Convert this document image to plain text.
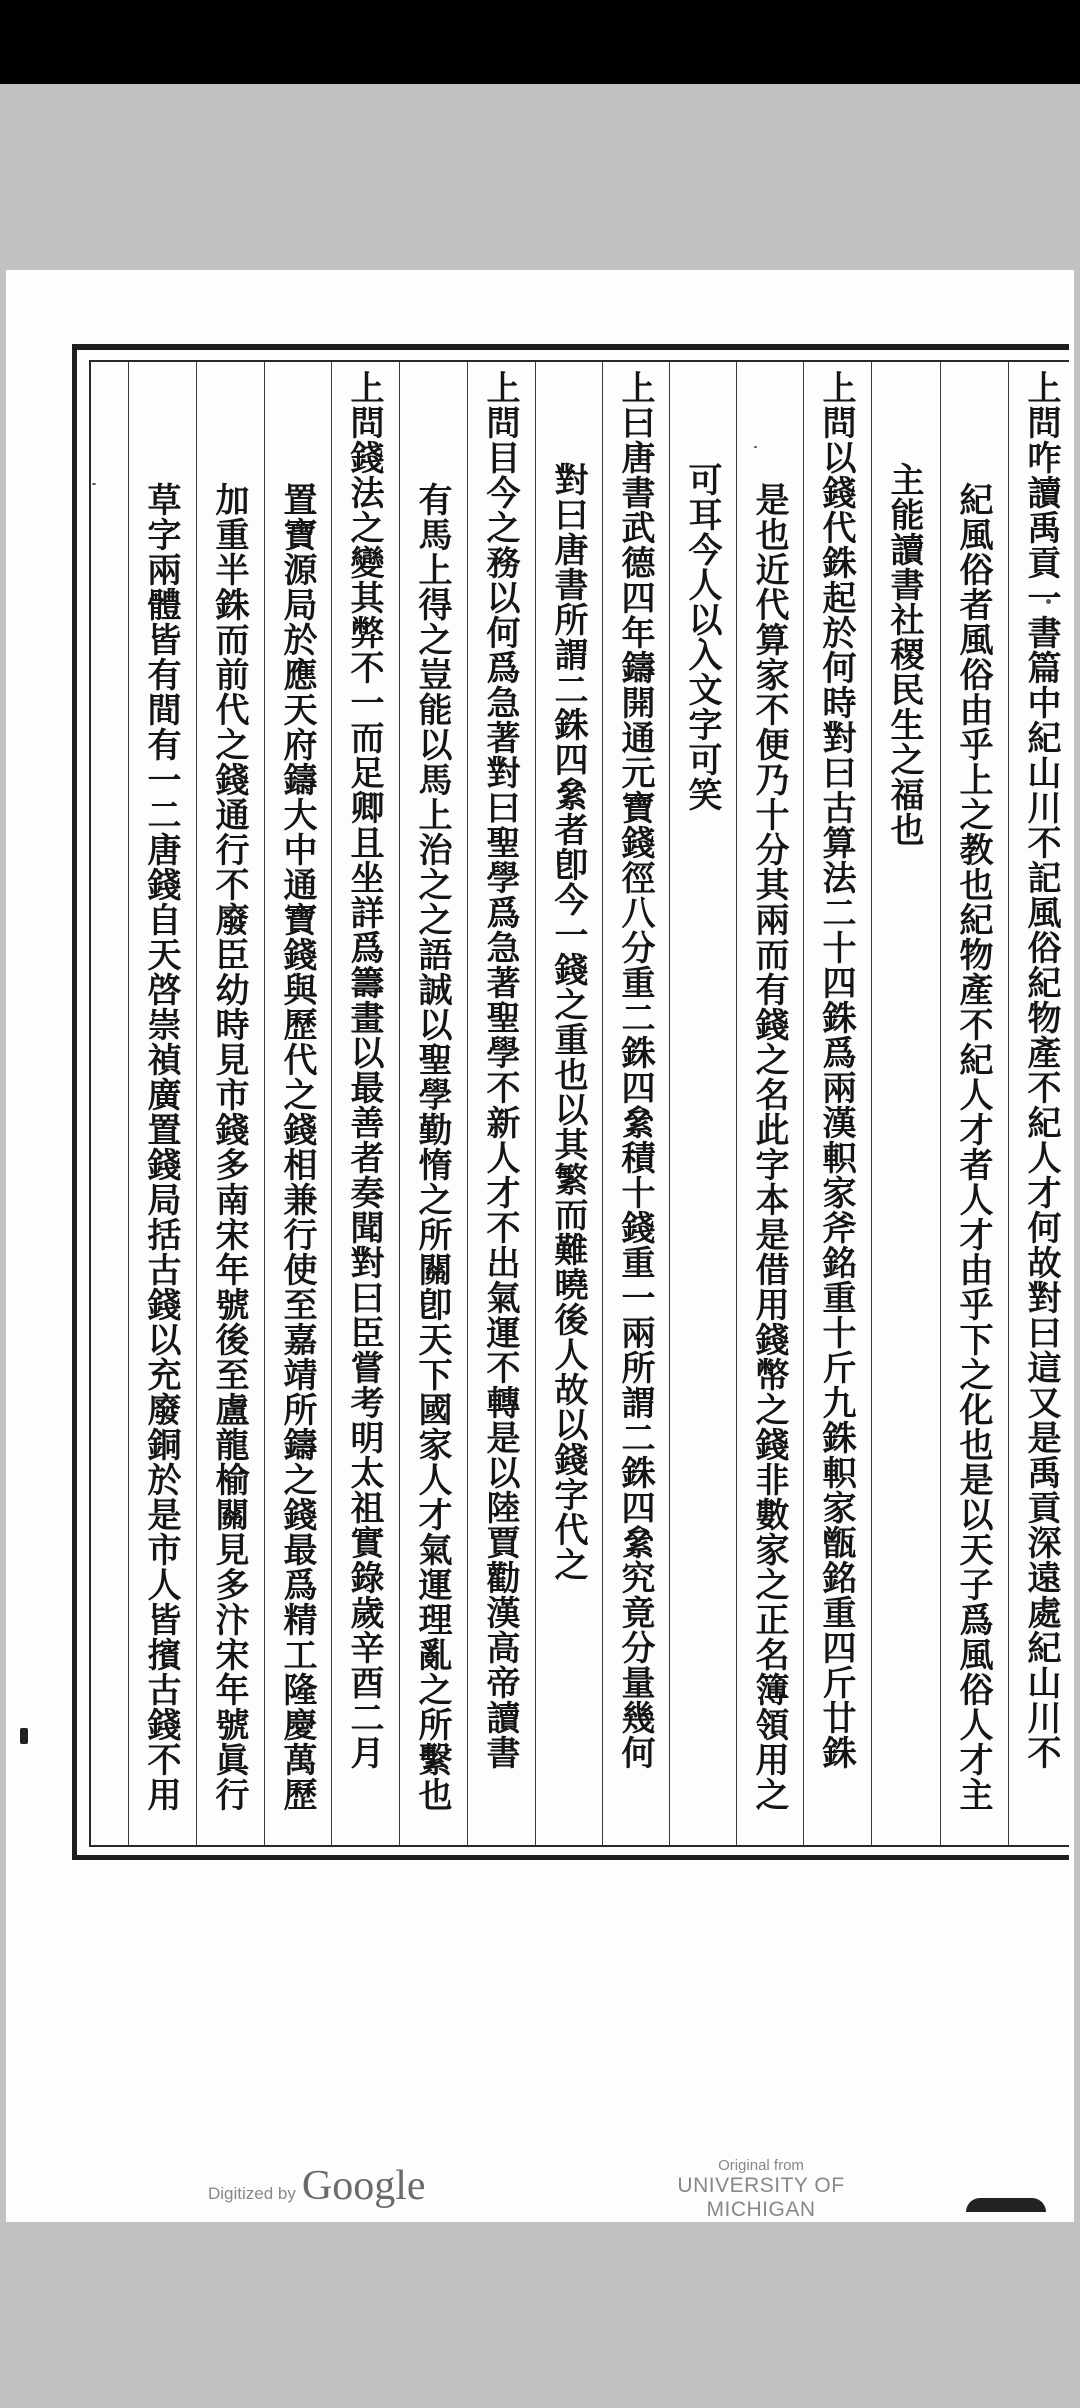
上問咋讀禹貢一書篇中紀山川不記風俗紀物產不紀人才何故對曰這又是禹貢深遠處紀山川不
紀風俗者風俗由乎上之教也紀物產不紀人才者人才由乎下之化也是以天子爲風俗人才主
主能讀書社稷民生之福也
上問以錢代銖起於何時對曰古算法二十四銖爲兩漢軹家斧銘重十斤九銖軹家甑銘重四斤廿銖
是也近代算家不便乃十分其兩而有錢之名此字本是借用錢幣之錢非數家之正名簿領用之
可耳今人以入文字可笑
上曰唐書武德四年鑄開通元寶錢徑八分重二銖四絫積十錢重一兩所謂二銖四絫究竟分量幾何
對曰唐書所謂二銖四絫者卽今一錢之重也以其繁而難曉後人故以錢字代之
上問目今之務以何爲急著對曰聖學爲急著聖學不新人才不出氣運不轉是以陸賈勸漢高帝讀書
有馬上得之豈能以馬上治之之語誠以聖學勤惰之所關卽天下國家人才氣運理亂之所繫也
上問錢法之變其弊不一而足卿且坐詳爲籌畫以最善者奏聞對曰臣嘗考明太祖實錄歲辛酉二月
置寶源局於應天府鑄大中通寶錢與歷代之錢相兼行使至嘉靖所鑄之錢最爲精工隆慶萬歷
加重半銖而前代之錢通行不廢臣幼時見市錢多南宋年號後至盧龍榆關見多汴宋年號眞行
草字兩體皆有間有一二唐錢自天啓崇禎廣置錢局括古錢以充廢銅於是市人皆擯古錢不用
Digitized by Google	Original from
UNIVERSITY OF MICHIGAN
